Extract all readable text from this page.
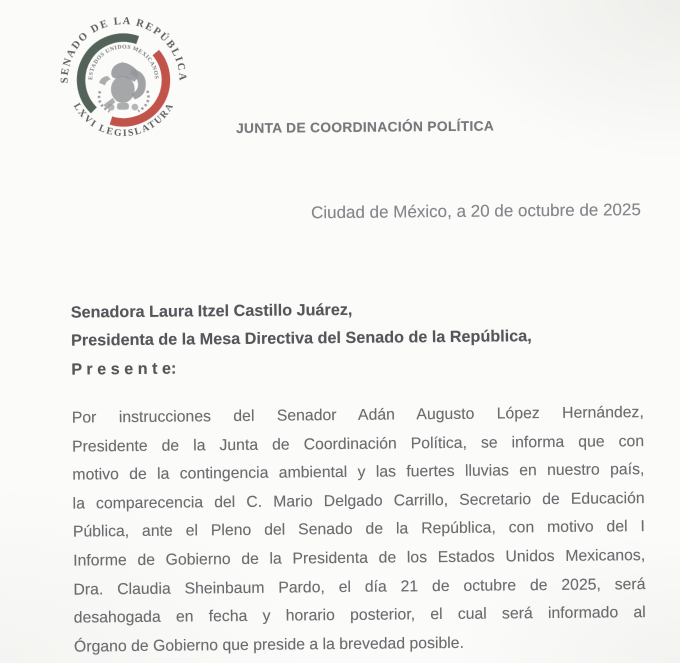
SENADO DE LA REPÚBLICA
LXVI LEGISLATURA
ESTADOS UNIDOS MEXICANOS
JUNTA DE COORDINACIÓN POLÍTICA
Ciudad de México, a 20 de octubre de 2025
Senadora Laura Itzel Castillo Juárez,
Presidenta de la Mesa Directiva del Senado de la República,
P r e s e n t e:
Por instrucciones del Senador Adán Augusto López Hernández,
Presidente de la Junta de Coordinación Política, se informa que con
motivo de la contingencia ambiental y las fuertes lluvias en nuestro país,
la comparecencia del C. Mario Delgado Carrillo, Secretario de Educación
Pública, ante el Pleno del Senado de la República, con motivo del I
Informe de Gobierno de la Presidenta de los Estados Unidos Mexicanos,
Dra. Claudia Sheinbaum Pardo, el día 21 de octubre de 2025, será
desahogada en fecha y horario posterior, el cual será informado al
Órgano de Gobierno que preside a la brevedad posible.
